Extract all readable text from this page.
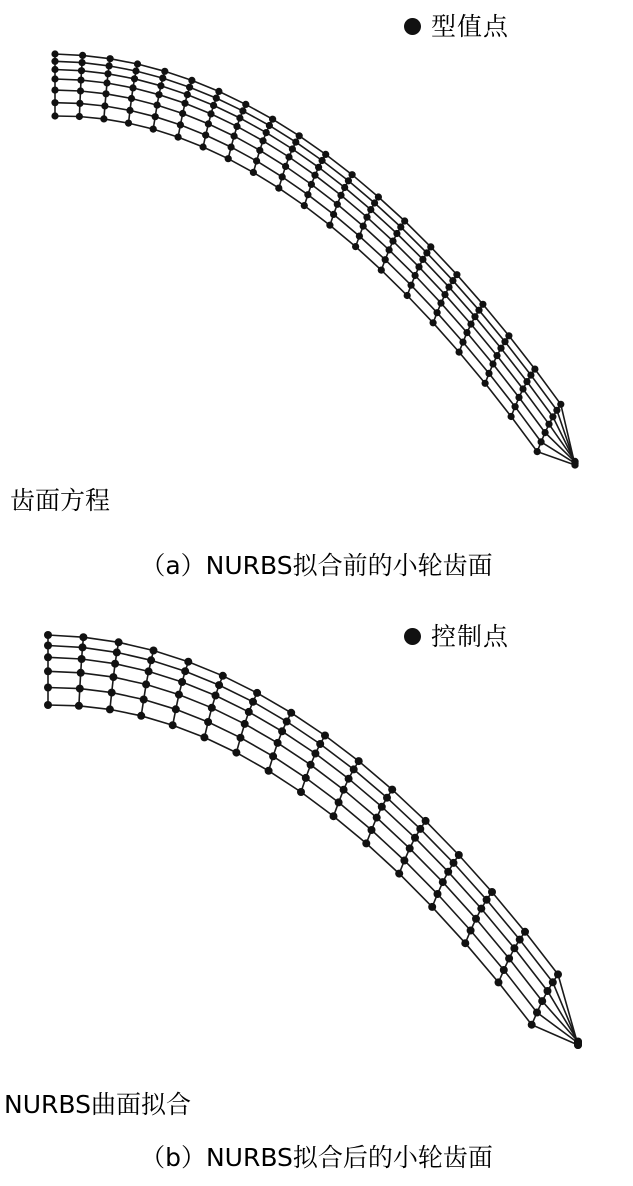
型值点
齿面方程
（a）NURBS拟合前的小轮齿面
控制点
NURBS曲面拟合
（b）NURBS拟合后的小轮齿面
